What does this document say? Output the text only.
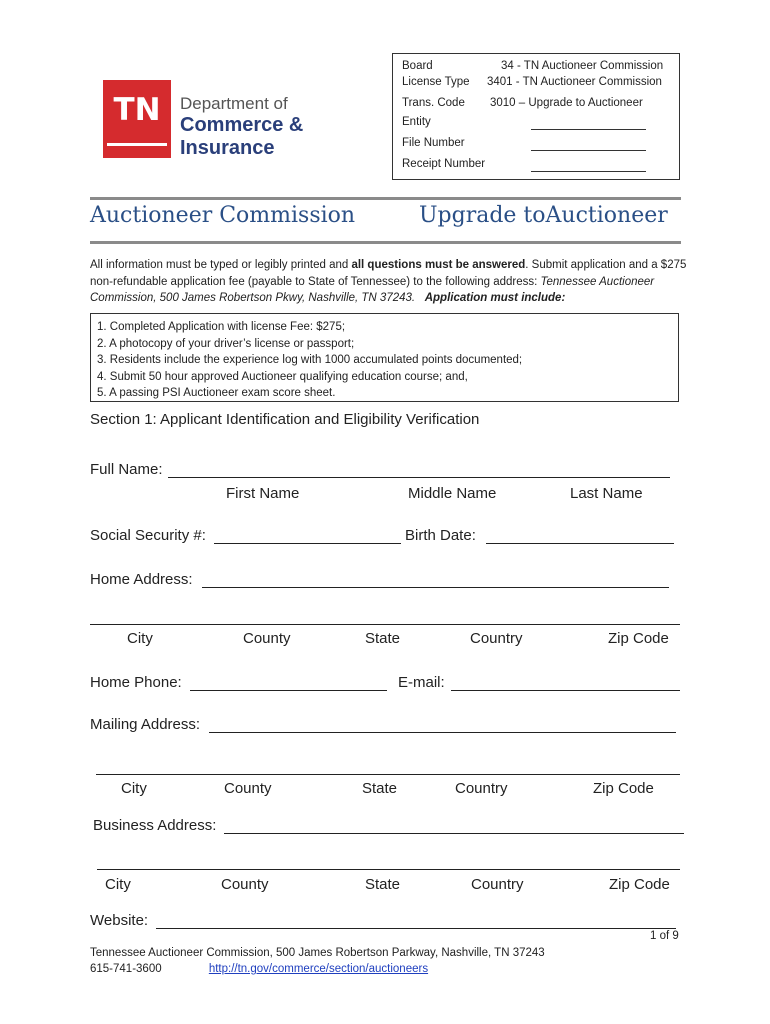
TN	Department of
Commerce &
Insurance
Board	34 - TN Auctioneer Commission
License Type 3401 - TN Auctioneer Commission
Trans. Code 3010 – Upgrade to Auctioneer
Entity
File Number
Receipt Number
Auctioneer Commission	Upgrade toAuctioneer
All information must be typed or legibly printed and all questions must be answered. Submit application and a $275 non-refundable application fee (payable to State of Tennessee) to the following address: Tennessee Auctioneer Commission, 500 James Robertson Pkwy, Nashville, TN 37243. Application must include:
1. Completed Application with license Fee: $275;
2. A photocopy of your driver’s license or passport;
3. Residents include the experience log with 1000 accumulated points documented;
4. Submit 50 hour approved Auctioneer qualifying education course; and,
5. A passing PSI Auctioneer exam score sheet.
Section 1: Applicant Identification and Eligibility Verification
Full Name:
First Name	Middle Name	Last Name
Social Security #:	Birth Date:
Home Address:
City	County	State	Country	Zip Code
Home Phone:	E-mail:
Mailing Address:
City	County	State	Country	Zip Code
Business Address:
City	County	State	Country	Zip Code
Website:
1 of 9
Tennessee Auctioneer Commission, 500 James Robertson Parkway, Nashville, TN 37243
615-741-3600	http://tn.gov/commerce/section/auctioneers
